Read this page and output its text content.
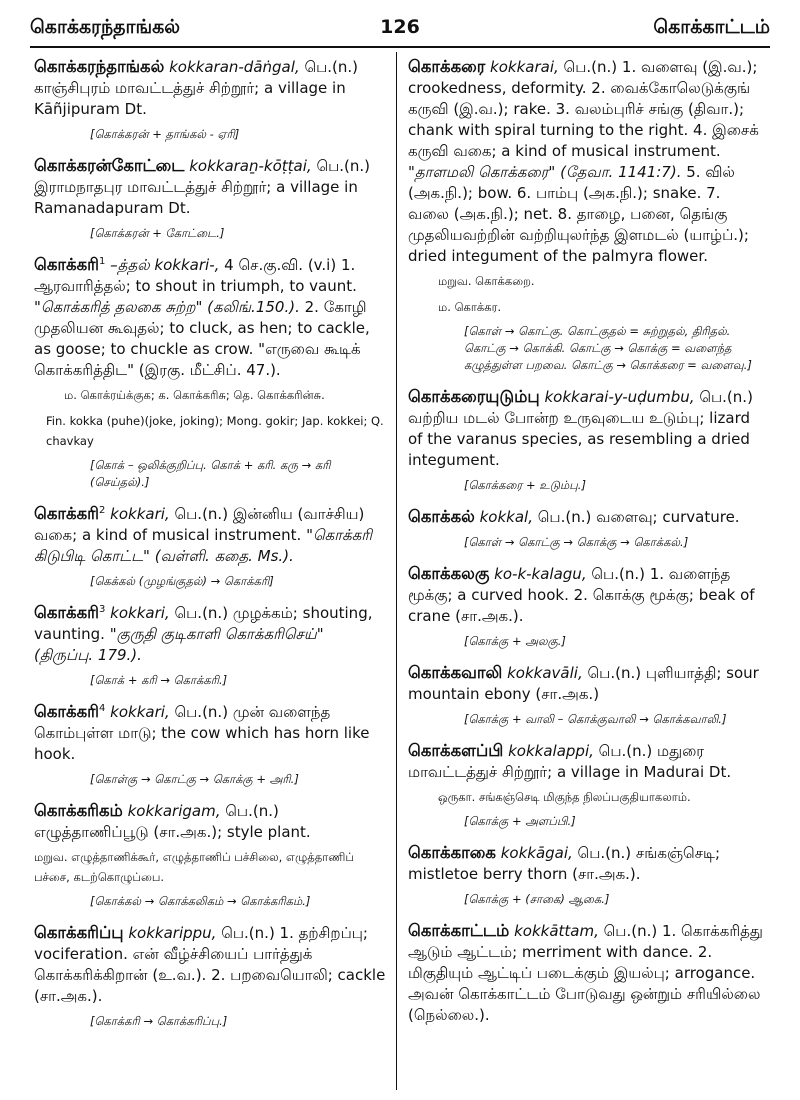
கொக்கரந்தாங்கல்	126	கொக்காட்டம்
கொக்கரந்தாங்கல் kokkaran-dāṅgal, பெ.(n.) காஞ்சிபுரம் மாவட்டத்துச் சிற்றூர்; a village in Kāñjipuram Dt.
[கொக்கரன் + தாங்கல் - ஏரி]
கொக்கரன்கோட்டை kokkaraṉ-kōṭṭai, பெ.(n.) இராமநாதபுர மாவட்டத்துச் சிற்றூர்; a village in Ramanadapuram Dt.
[கொக்கரன் + கோட்டை.]
கொக்கரி$^1$ –த்தல் kokkari-, 4 செ.கு.வி. (v.i) 1. ஆரவாரித்தல்; to shout in triumph, to vaunt. "கொக்கரித் தலகை சுற்ற" (கலிங்.150.). 2. கோழி முதலியன கூவுதல்; to cluck, as hen; to cackle, as goose; to chuckle as crow. "எருவை கூடிக் கொக்கரித்திட" (இரகு. மீட்சிப். 47.).
ம. கொக்ரய்க்குக; க. கொக்கரிசு; தெ. கொக்கரின்சு.
Fin. kokka (puhe)(joke, joking); Mong. gokir; Jap. kokkei; Q. chavkay
[கொக் – ஒலிக்குறிப்பு. கொக் + கரி. கரு → கரி (செய்தல்).]
கொக்கரி$^2$ kokkari, பெ.(n.) இன்னிய (வாச்சிய) வகை; a kind of musical instrument. "கொக்கரி கிடுபிடி கொட்ட" (வள்ளி. கதை. Ms.).
[கெக்கல் (முழங்குதல்) → கொக்கரி]
கொக்கரி$^3$ kokkari, பெ.(n.) முழக்கம்; shouting, vaunting. "குருதி குடிகாளி கொக்கரிசெய்" (திருப்பு. 179.).
[கொக் + கரி → கொக்கரி.]
கொக்கரி$^4$ kokkari, பெ.(n.) முன் வளைந்த கொம்புள்ள மாடு; the cow which has horn like hook.
[கொள்கு → கொட்கு → கொக்கு + அரி.]
கொக்கரிகம் kokkarigam, பெ.(n.) எழுத்தாணிப்பூடு (சா.அக.); style plant.
மறுவ. எழுத்தாணிக்கூர், எழுத்தாணிப் பச்சிலை, எழுத்தாணிப் பச்சை, கடற்கொழுப்பை.
[கொக்கல் → கொக்கலிகம் → கொக்கரிகம்.]
கொக்கரிப்பு kokkarippu, பெ.(n.) 1. தற்சிறப்பு; vociferation. என் வீழ்ச்சியைப் பார்த்துக் கொக்கரிக்கிறான் (உ.வ.). 2. பறவையொலி; cackle (சா.அக.).
[கொக்கரி → கொக்கரிப்பு.]
கொக்கரை kokkarai, பெ.(n.) 1. வளைவு (இ.வ.); crookedness, deformity. 2. வைக்கோலெடுக்குங் கருவி (இ.வ.); rake. 3. வலம்புரிச் சங்கு (திவா.); chank with spiral turning to the right. 4. இசைக் கருவி வகை; a kind of musical instrument. "தாளமலி கொக்கரை" (தேவா. 1141:7). 5. வில் (அக.நி.); bow. 6. பாம்பு (அக.நி.); snake. 7. வலை (அக.நி.); net. 8. தாழை, பனை, தெங்கு முதலியவற்றின் வற்றியுலர்ந்த இளமடல் (யாழ்ப்.); dried integument of the palmyra flower.
மறுவ. கொக்கறை.
ம. கொக்கர.
[கொள் → கொட்கு. கொட்குதல் = சுற்றுதல், திரிதல். கொட்கு → கொக்கி. கொட்கு → கொக்கு = வளைந்த கழுத்துள்ள பறவை. கொட்கு → கொக்கரை = வளைவு.]
கொக்கரையுடும்பு kokkarai-y-uḍumbu, பெ.(n.) வற்றிய மடல் போன்ற உருவுடைய உடும்பு; lizard of the varanus species, as resembling a dried integument.
[கொக்கரை + உடும்பு.]
கொக்கல் kokkal, பெ.(n.) வளைவு; curvature.
[கொள் → கொட்கு → கொக்கு → கொக்கல்.]
கொக்கலகு ko-k-kalagu, பெ.(n.) 1. வளைந்த மூக்கு; a curved hook. 2. கொக்கு மூக்கு; beak of crane (சா.அக.).
[கொக்கு + அலகு.]
கொக்கவாலி kokkavāli, பெ.(n.) புளியாத்தி; sour mountain ebony (சா.அக.)
[கொக்கு + வாலி – கொக்குவாலி → கொக்கவாலி.]
கொக்களப்பி kokkalappi, பெ.(n.) மதுரை மாவட்டத்துச் சிற்றூர்; a village in Madurai Dt.
ஒருகா. சங்கஞ்செடி மிகுந்த நிலப்பகுதியாகலாம்.
[கொக்கு + அளப்பி.]
கொக்காகை kokkāgai, பெ.(n.) சங்கஞ்செடி; mistletoe berry thorn (சா.அக.).
[கொக்கு + (சாகை) ஆகை.]
கொக்காட்டம் kokkāttam, பெ.(n.) 1. கொக்கரித்து ஆடும் ஆட்டம்; merriment with dance. 2. மிகுதியும் ஆட்டிப் படைக்கும் இயல்பு; arrogance. அவன் கொக்காட்டம் போடுவது ஒன்றும் சரியில்லை (நெல்லை.).
